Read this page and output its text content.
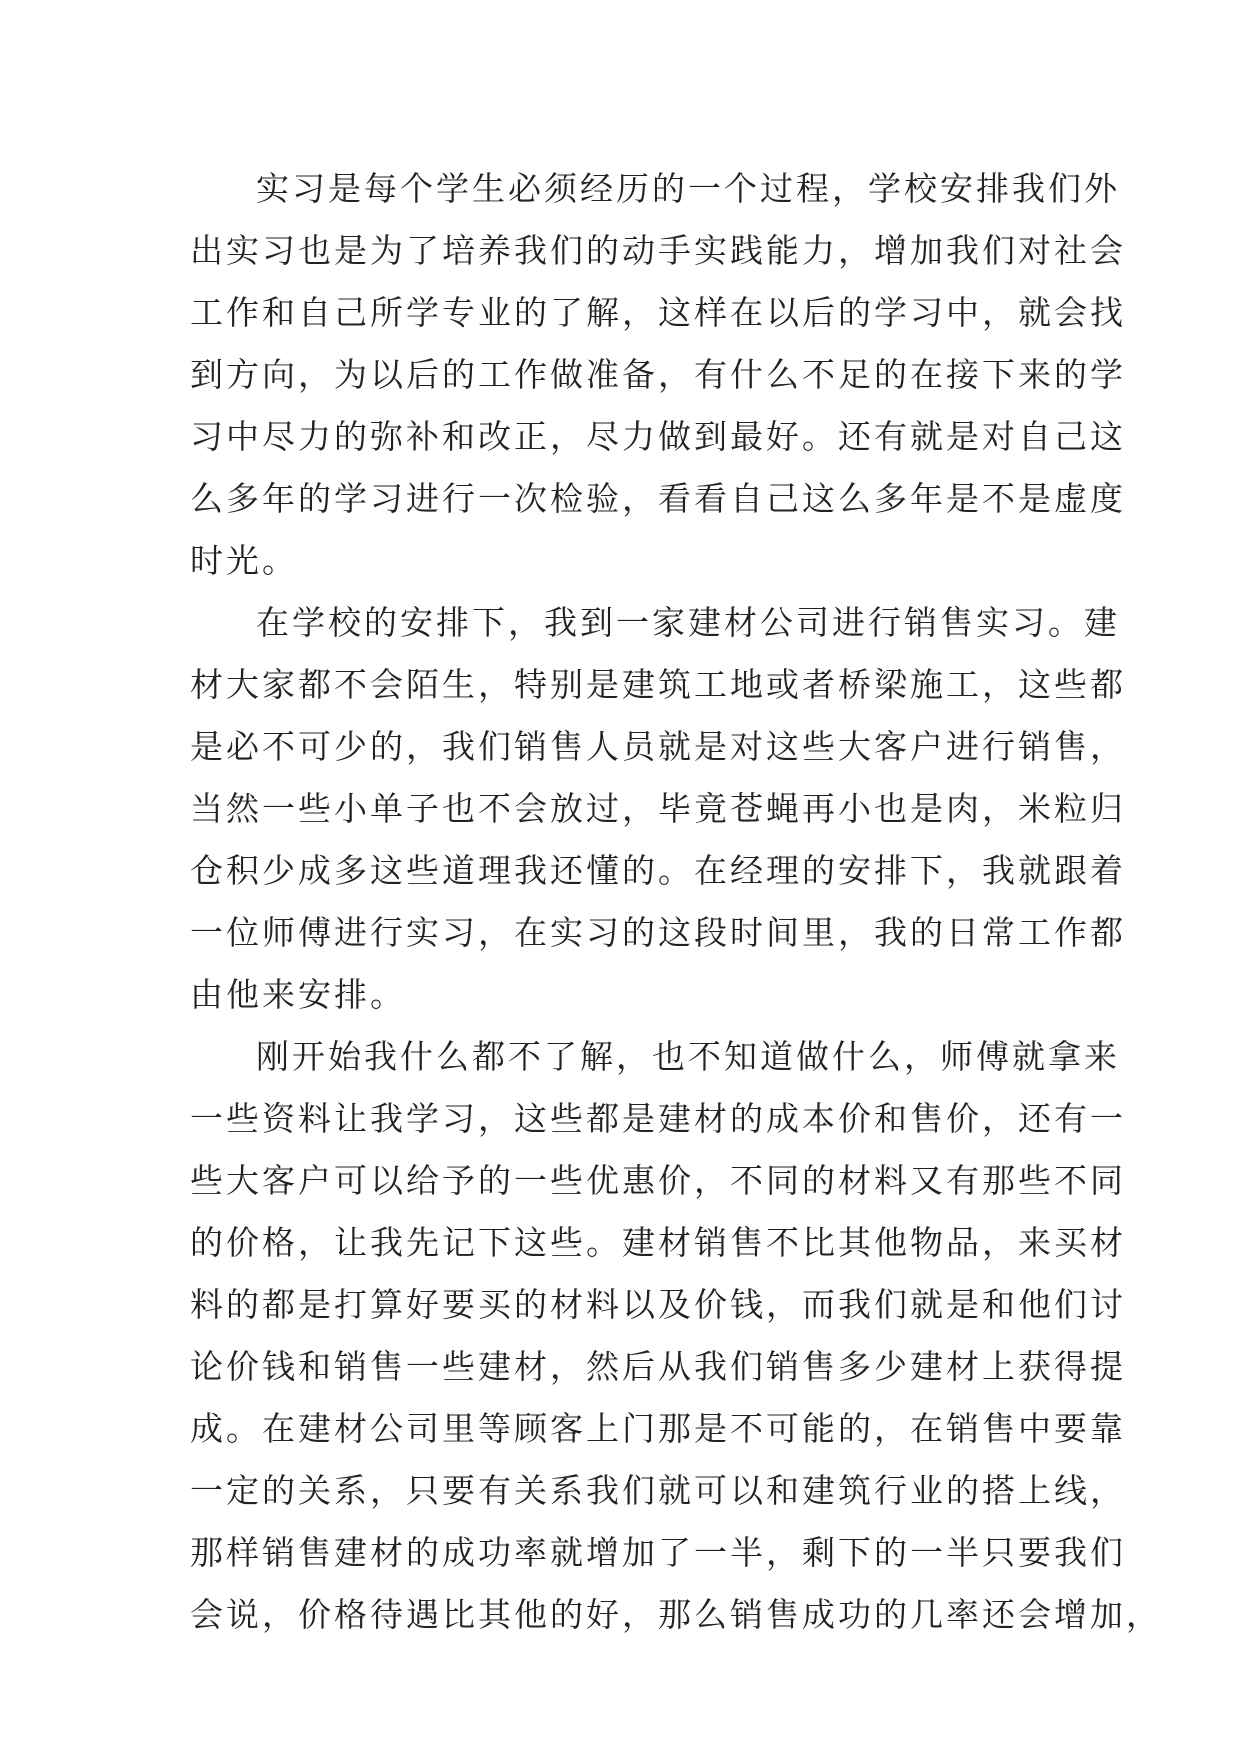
实习是每个学生必须经历的一个过程，学校安排我们外
出实习也是为了培养我们的动手实践能力，增加我们对社会
工作和自己所学专业的了解，这样在以后的学习中，就会找
到方向，为以后的工作做准备，有什么不足的在接下来的学
习中尽力的弥补和改正，尽力做到最好。还有就是对自己这
么多年的学习进行一次检验，看看自己这么多年是不是虚度
时光。
在学校的安排下，我到一家建材公司进行销售实习。建
材大家都不会陌生，特别是建筑工地或者桥梁施工，这些都
是必不可少的，我们销售人员就是对这些大客户进行销售，
当然一些小单子也不会放过，毕竟苍蝇再小也是肉，米粒归
仓积少成多这些道理我还懂的。在经理的安排下，我就跟着
一位师傅进行实习，在实习的这段时间里，我的日常工作都
由他来安排。
刚开始我什么都不了解，也不知道做什么，师傅就拿来
一些资料让我学习，这些都是建材的成本价和售价，还有一
些大客户可以给予的一些优惠价，不同的材料又有那些不同
的价格，让我先记下这些。建材销售不比其他物品，来买材
料的都是打算好要买的材料以及价钱，而我们就是和他们讨
论价钱和销售一些建材，然后从我们销售多少建材上获得提
成。在建材公司里等顾客上门那是不可能的，在销售中要靠
一定的关系，只要有关系我们就可以和建筑行业的搭上线，
那样销售建材的成功率就增加了一半，剩下的一半只要我们
会说，价格待遇比其他的好，那么销售成功的几率还会增加，
